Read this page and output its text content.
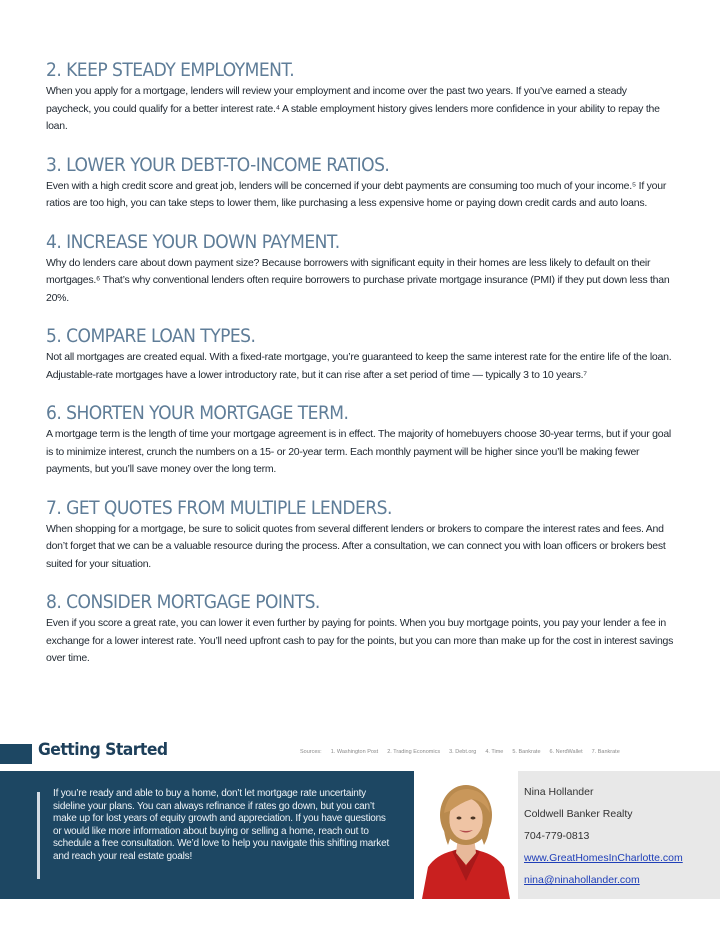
2. KEEP STEADY EMPLOYMENT.
When you apply for a mortgage, lenders will review your employment and income over the past two years. If you’ve earned a steady paycheck, you could qualify for a better interest rate.⁴ A stable employment history gives lenders more confidence in your ability to repay the loan.
3. LOWER YOUR DEBT-TO-INCOME RATIOS.
Even with a high credit score and great job, lenders will be concerned if your debt payments are consuming too much of your income.⁵ If your ratios are too high, you can take steps to lower them, like purchasing a less expensive home or paying down credit cards and auto loans.
4. INCREASE YOUR DOWN PAYMENT.
Why do lenders care about down payment size? Because borrowers with significant equity in their homes are less likely to default on their mortgages.⁶ That’s why conventional lenders often require borrowers to purchase private mortgage insurance (PMI) if they put down less than 20%.
5. COMPARE LOAN TYPES.
Not all mortgages are created equal. With a fixed-rate mortgage, you’re guaranteed to keep the same interest rate for the entire life of the loan. Adjustable-rate mortgages have a lower introductory rate, but it can rise after a set period of time — typically 3 to 10 years.⁷
6. SHORTEN YOUR MORTGAGE TERM.
A mortgage term is the length of time your mortgage agreement is in effect. The majority of homebuyers choose 30-year terms, but if your goal is to minimize interest, crunch the numbers on a 15- or 20-year term. Each monthly payment will be higher since you’ll be making fewer payments, but you’ll save money over the long term.
7. GET QUOTES FROM MULTIPLE LENDERS.
When shopping for a mortgage, be sure to solicit quotes from several different lenders or brokers to compare the interest rates and fees. And don’t forget that we can be a valuable resource during the process. After a consultation, we can connect you with loan officers or brokers best suited for your situation.
8. CONSIDER MORTGAGE POINTS.
Even if you score a great rate, you can lower it even further by paying for points. When you buy mortgage points, you pay your lender a fee in exchange for a lower interest rate. You’ll need upfront cash to pay for the points, but you can more than make up for the cost in interest savings over time.
Getting Started	Sources: 1. Washington Post 2. Trading Economics 3. Debt.org 4. Time 5. Bankrate 6. NerdWallet 7. Bankrate
If you’re ready and able to buy a home, don’t let mortgage rate uncertainty sideline your plans. You can always refinance if rates go down, but you can’t make up for lost years of equity growth and appreciation. If you have questions or would like more information about buying or selling a home, reach out to schedule a free consultation. We’d love to help you navigate this shifting market and reach your real estate goals!
Nina Hollander
Coldwell Banker Realty
704-779-0813
www.GreatHomesInCharlotte.com
nina@ninahollander.com
